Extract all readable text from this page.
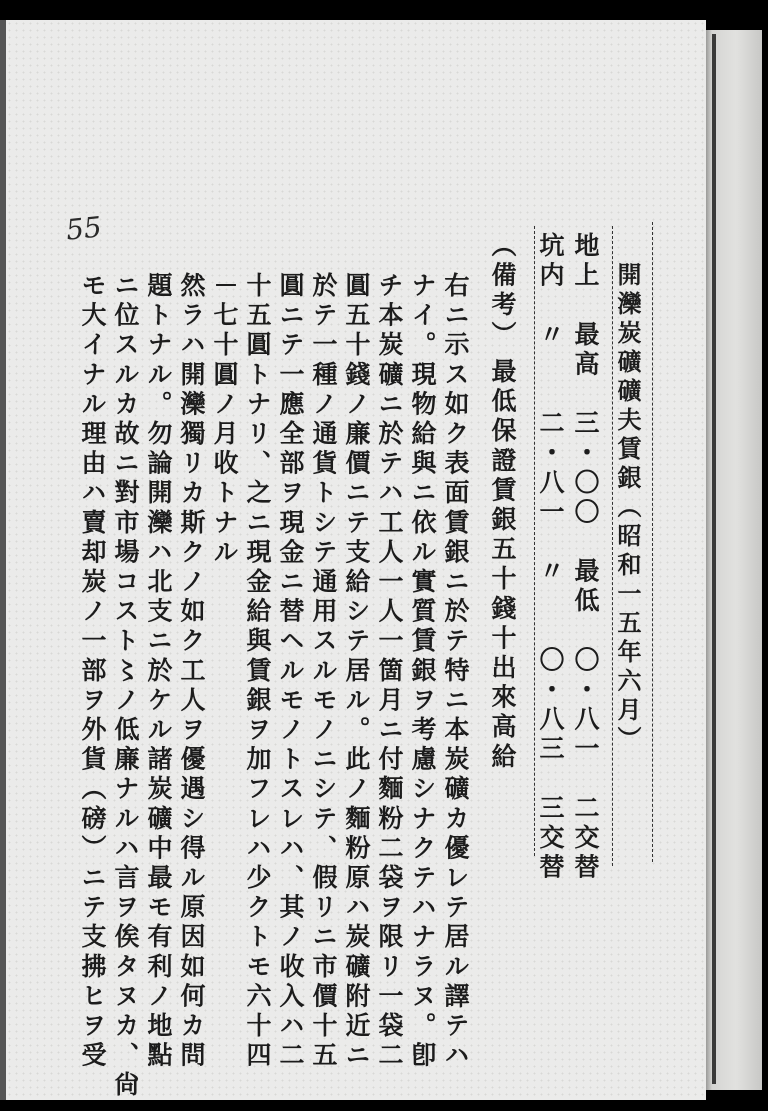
55
開灤炭礦礦夫賃銀（昭和一五年六月）
地上　最高　三・〇〇　最低　〇・八一　二交替
坑内　〃　　二・八一　〃　　〇・八三　三交替
（備考）
最低保證賃銀五十錢十出來高給
右ニ示ス如ク表面賃銀ニ於テ特ニ本炭礦カ優レテ居ル譯テハ
ナイ。現物給與ニ依ル實質賃銀ヲ考慮シナクテハナラヌ。卽
チ本炭礦ニ於テハ工人一人一箇月ニ付麵粉二袋ヲ限リ一袋二
圓五十錢ノ廉價ニテ支給シテ居ル。此ノ麵粉原ハ炭礦附近ニ
於テ一種ノ通貨トシテ通用スルモノニシテ、假リニ市價十五
圓ニテ一應全部ヲ現金ニ替ヘルモノトスレハ、其ノ收入ハ二
十五圓トナリ、之ニ現金給與賃銀ヲ加フレハ少クトモ六十四
－七十圓ノ月收トナル
然ラハ開灤獨リカ斯クノ如ク工人ヲ優遇シ得ル原因如何カ問
題トナル。勿論開灤ハ北支ニ於ケル諸炭礦中最モ有利ノ地點
ニ位スルカ故ニ對市場コスト〻ノ低廉ナルハ言ヲ俟タヌカ、尙
モ大イナル理由ハ賣却炭ノ一部ヲ外貨（磅）ニテ支拂ヒヲ受
